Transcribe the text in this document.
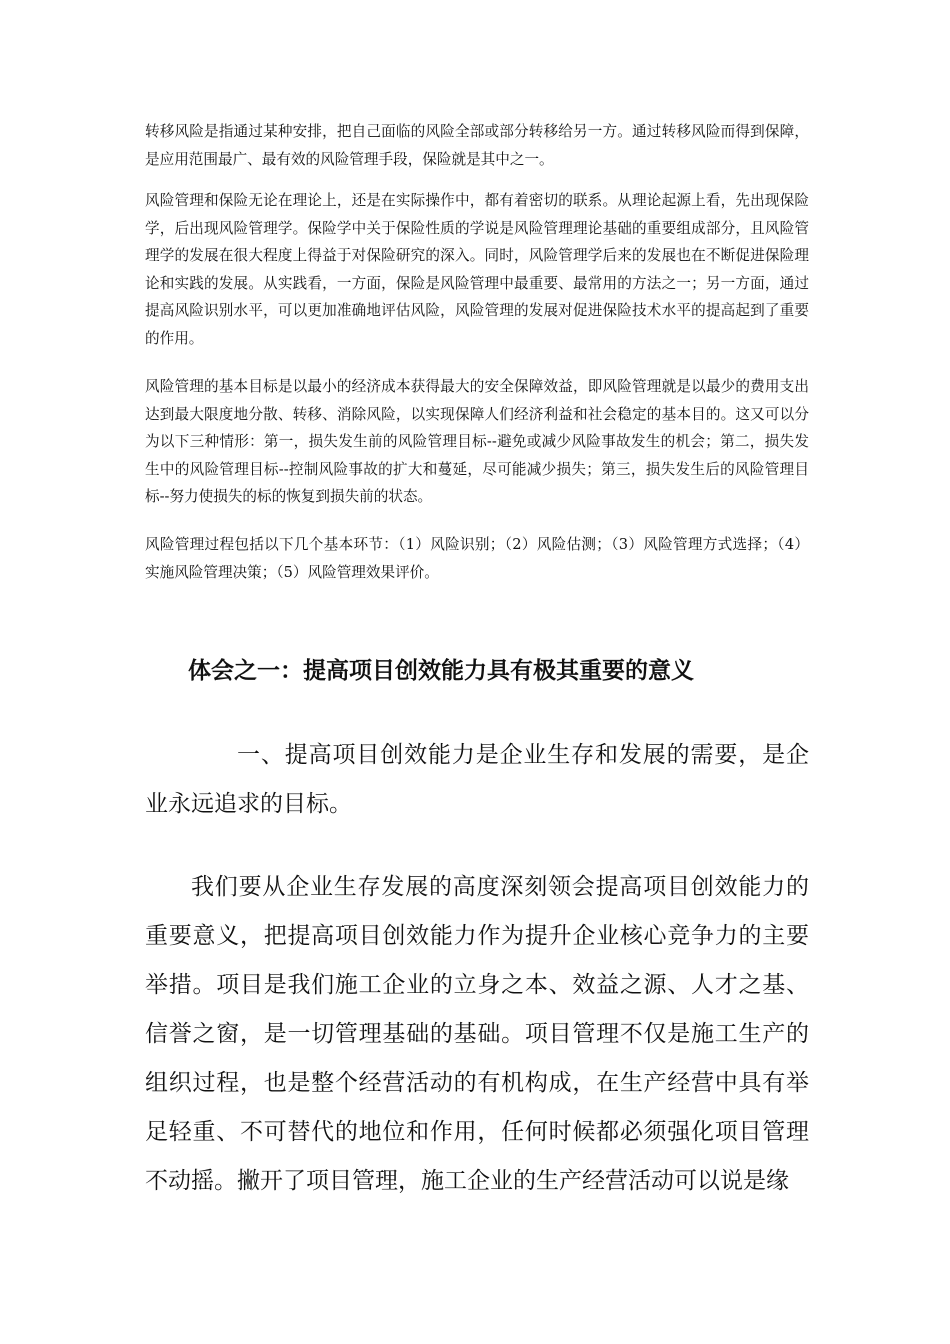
转移风险是指通过某种安排，把自己面临的风险全部或部分转移给另一方。通过转移风险而得到保障，是应用范围最广、最有效的风险管理手段，保险就是其中之一。

风险管理和保险无论在理论上，还是在实际操作中，都有着密切的联系。从理论起源上看，先出现保险学，后出现风险管理学。保险学中关于保险性质的学说是风险管理理论基础的重要组成部分，且风险管理学的发展在很大程度上得益于对保险研究的深入。同时，风险管理学后来的发展也在不断促进保险理论和实践的发展。从实践看，一方面，保险是风险管理中最重要、最常用的方法之一；另一方面，通过提高风险识别水平，可以更加准确地评估风险，风险管理的发展对促进保险技术水平的提高起到了重要的作用。

风险管理的基本目标是以最小的经济成本获得最大的安全保障效益，即风险管理就是以最少的费用支出达到最大限度地分散、转移、消除风险，以实现保障人们经济利益和社会稳定的基本目的。这又可以分为以下三种情形：第一，损失发生前的风险管理目标--避免或减少风险事故发生的机会；第二，损失发生中的风险管理目标--控制风险事故的扩大和蔓延，尽可能减少损失；第三，损失发生后的风险管理目标--努力使损失的标的恢复到损失前的状态。

风险管理过程包括以下几个基本环节：（1）风险识别；（2）风险估测；（3）风险管理方式选择；（4）实施风险管理决策；（5）风险管理效果评价。

体会之一：提高项目创效能力具有极其重要的意义

一、提高项目创效能力是企业生存和发展的需要，是企业永远追求的目标。

我们要从企业生存发展的高度深刻领会提高项目创效能力的重要意义，把提高项目创效能力作为提升企业核心竞争力的主要举措。项目是我们施工企业的立身之本、效益之源、人才之基、信誉之窗，是一切管理基础的基础。项目管理不仅是施工生产的组织过程，也是整个经营活动的有机构成，在生产经营中具有举足轻重、不可替代的地位和作用，任何时候都必须强化项目管理不动摇。撇开了项目管理，施工企业的生产经营活动可以说是缘
